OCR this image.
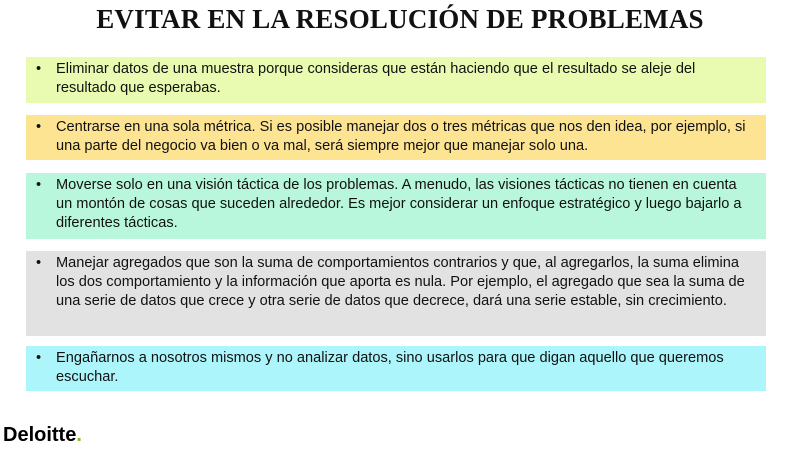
EVITAR EN LA RESOLUCIÓN DE PROBLEMAS
• Eliminar datos de una muestra porque consideras que están haciendo que el resultado se aleje del resultado que esperabas.
• Centrarse en una sola métrica. Si es posible manejar dos o tres métricas que nos den idea, por ejemplo, si una parte del negocio va bien o va mal, será siempre mejor que manejar solo una.
• Moverse solo en una visión táctica de los problemas. A menudo, las visiones tácticas no tienen en cuenta un montón de cosas que suceden alrededor. Es mejor considerar un enfoque estratégico y luego bajarlo a diferentes tácticas.
• Manejar agregados que son la suma de comportamientos contrarios y que, al agregarlos, la suma elimina los dos comportamiento y la información que aporta es nula. Por ejemplo, el agregado que sea la suma de una serie de datos que crece y otra serie de datos que decrece, dará una serie estable, sin crecimiento.
• Engañarnos a nosotros mismos y no analizar datos, sino usarlos para que digan aquello que queremos escuchar.
Deloitte.
